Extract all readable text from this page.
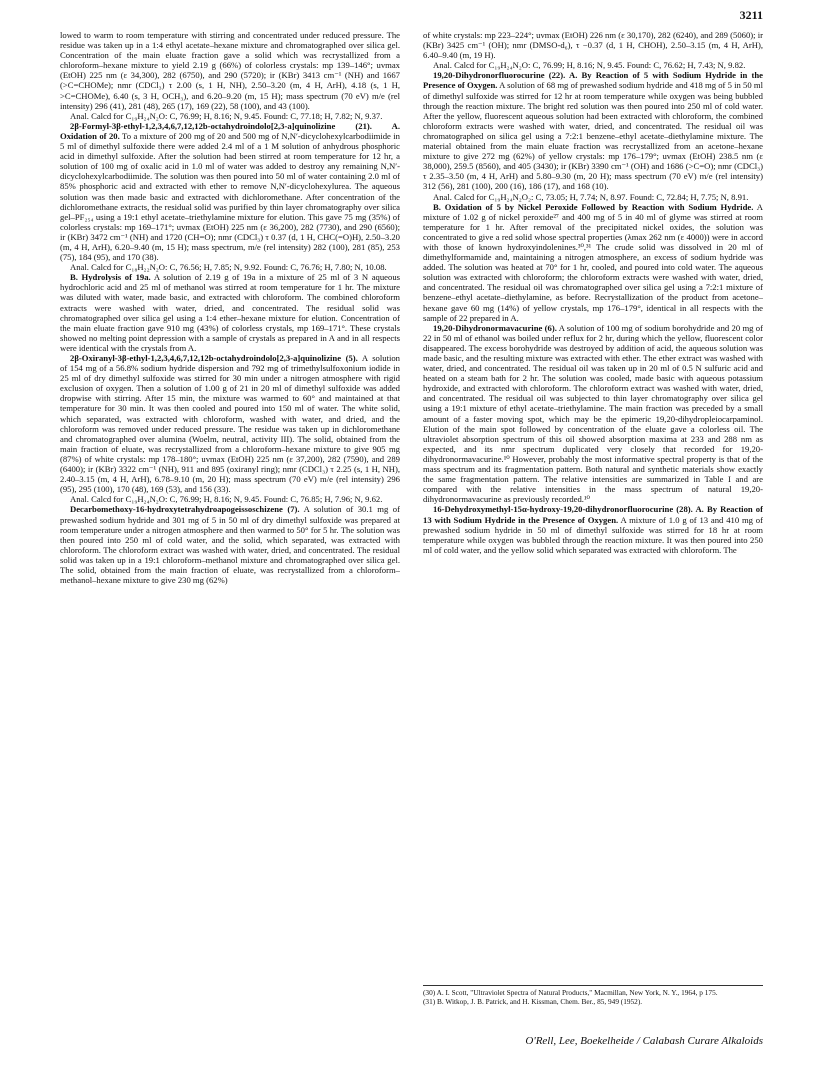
3211

lowed to warm to room temperature with stirring and concentrated under reduced pressure. The residue was taken up in a 1:4 ethyl acetate–hexane mixture and chromatographed over silica gel. Concentration of the main eluate fraction gave a solid which was recrystallized from a chloroform–hexane mixture to yield 2.19 g (66%) of colorless crystals: mp 139–146°; uvmax (EtOH) 225 nm (ε 34,300), 282 (6750), and 290 (5720); ir (KBr) 3413 cm⁻¹ (NH) and 1667 (>C=CHOMe); nmr (CDCl₃) τ 2.00 (s, 1 H, NH), 2.50–3.20 (m, 4 H, ArH), 4.18 (s, 1 H, >C=CHOMe), 6.40 (s, 3 H, OCH₃), and 6.20–9.20 (m, 15 H); mass spectrum (70 eV) m/e (rel intensity) 296 (41), 281 (48), 265 (17), 169 (22), 58 (100), and 43 (100).

Anal. Calcd for C₁₉H₂₄N₂O: C, 76.99; H, 8.16; N, 9.45. Found: C, 77.18; H, 7.82; N, 9.37.

2β-Formyl-3β-ethyl-1,2,3,4,6,7,12,12b-octahydroindolo[2,3-a]quinolizine (21). A. Oxidation of 20. To a mixture of 200 mg of 20 and 500 mg of N,N′-dicyclohexylcarbodiimide in 5 ml of dimethyl sulfoxide there were added 2.4 ml of a 1 M solution of anhydrous phosphoric acid in dimethyl sulfoxide. After the solution had been stirred at room temperature for 12 hr, a solution of 100 mg of oxalic acid in 1.0 ml of water was added to destroy any remaining N,N′-dicyclohexylcarbodiimide. The solution was then poured into 50 ml of water containing 2.0 ml of 85% phosphoric acid and extracted with ether to remove N,N′-dicyclohexylurea. The aqueous solution was then made basic and extracted with dichloromethane. After concentration of the dichloromethane extracts, the residual solid was purified by thin layer chromatography over silica gel–PF₂₅₄ using a 19:1 ethyl acetate–triethylamine mixture for elution. This gave 75 mg (35%) of colorless crystals: mp 169–171°; uvmax (EtOH) 225 nm (ε 36,200), 282 (7730), and 290 (6560); ir (KBr) 3472 cm⁻¹ (NH) and 1720 (CH=O); nmr (CDCl₃) τ 0.37 (d, 1 H, CHC(=O)H), 2.50–3.20 (m, 4 H, ArH), 6.20–9.40 (m, 15 H); mass spectrum, m/e (rel intensity) 282 (100), 281 (85), 253 (75), 184 (95), and 170 (38).

Anal. Calcd for C₁₈H₂₂N₂O: C, 76.56; H, 7.85; N, 9.92. Found: C, 76.76; H, 7.80; N, 10.08.

B. Hydrolysis of 19a. A solution of 2.19 g of 19a in a mixture of 25 ml of 3 N aqueous hydrochloric acid and 25 ml of methanol was stirred at room temperature for 1 hr. The mixture was diluted with water, made basic, and extracted with chloroform. The combined chloroform extracts were washed with water, dried, and concentrated. The residual solid was chromatographed over silica gel using a 1:4 ether–hexane mixture for elution. Concentration of the main eluate fraction gave 910 mg (43%) of colorless crystals, mp 169–171°. These crystals showed no melting point depression with a sample of crystals as prepared in A and in all respects were identical with the crystals from A.

2β-Oxiranyl-3β-ethyl-1,2,3,4,6,7,12,12b-octahydroindolo[2,3-a]quinolizine (5). A solution of 154 mg of a 56.8% sodium hydride dispersion and 792 mg of trimethylsulfoxonium iodide in 25 ml of dry dimethyl sulfoxide was stirred for 30 min under a nitrogen atmosphere with rigid exclusion of oxygen. Then a solution of 1.00 g of 21 in 20 ml of dimethyl sulfoxide was added dropwise with stirring. After 15 min, the mixture was warmed to 60° and maintained at that temperature for 30 min. It was then cooled and poured into 150 ml of water. The white solid, which separated, was extracted with chloroform, washed with water, and dried, and the chloroform was removed under reduced pressure. The residue was taken up in dichloromethane and chromatographed over alumina (Woelm, neutral, activity III). The solid, obtained from the main fraction of eluate, was recrystallized from a chloroform–hexane mixture to give 905 mg (87%) of white crystals: mp 178–180°; uvmax (EtOH) 225 nm (ε 37,200), 282 (7590), and 289 (6400); ir (KBr) 3322 cm⁻¹ (NH), 911 and 895 (oxiranyl ring); nmr (CDCl₃) τ 2.25 (s, 1 H, NH), 2.40–3.15 (m, 4 H, ArH), 6.78–9.10 (m, 20 H); mass spectrum (70 eV) m/e (rel intensity) 296 (95), 295 (100), 170 (48), 169 (53), and 156 (33).

Anal. Calcd for C₁₉H₂₄N₂O: C, 76.99; H, 8.16; N, 9.45. Found: C, 76.85; H, 7.96; N, 9.62.

Decarbomethoxy-16-hydroxytetrahydroapogeissoschizene (7). A solution of 30.1 mg of prewashed sodium hydride and 301 mg of 5 in 50 ml of dry dimethyl sulfoxide was prepared at room temperature under a nitrogen atmosphere and then warmed to 50° for 5 hr. The solution was then poured into 250 ml of cold water, and the solid, which separated, was extracted with chloroform. The chloroform extract was washed with water, dried, and concentrated. The residual solid was taken up in a 19:1 chloroform–methanol mixture and chromatographed over silica gel. The solid, obtained from the main fraction of eluate, was recrystallized from a chloroform–methanol–hexane mixture to give 230 mg (62%)

of white crystals: mp 223–224°; uvmax (EtOH) 226 nm (ε 30,170), 282 (6240), and 289 (5060); ir (KBr) 3425 cm⁻¹ (OH); nmr (DMSO-d₆), τ −0.37 (d, 1 H, CHOH), 2.50–3.15 (m, 4 H, ArH), 6.40–9.40 (m, 19 H).

Anal. Calcd for C₁₉H₂₄N₂O: C, 76.99; H, 8.16; N, 9.45. Found: C, 76.62; H, 7.43; N, 9.82.

19,20-Dihydronorfluorocurine (22). A. By Reaction of 5 with Sodium Hydride in the Presence of Oxygen. A solution of 68 mg of prewashed sodium hydride and 418 mg of 5 in 50 ml of dimethyl sulfoxide was stirred for 12 hr at room temperature while oxygen was being bubbled through the reaction mixture. The bright red solution was then poured into 250 ml of cold water. After the yellow, fluorescent aqueous solution had been extracted with chloroform, the combined chloroform extracts were washed with water, dried, and concentrated. The residual oil was chromatographed on silica gel using a 7:2:1 benzene–ethyl acetate–diethylamine mixture. The material obtained from the main eluate fraction was recrystallized from an acetone–hexane mixture to give 272 mg (62%) of yellow crystals: mp 176–179°; uvmax (EtOH) 238.5 nm (ε 38,000), 259.5 (8560), and 405 (3430); ir (KBr) 3390 cm⁻¹ (OH) and 1686 (>C=O); nmr (CDCl₃) τ 2.35–3.50 (m, 4 H, ArH) and 5.80–9.30 (m, 20 H); mass spectrum (70 eV) m/e (rel intensity) 312 (56), 281 (100), 200 (16), 186 (17), and 168 (10).

Anal. Calcd for C₁₉H₂₄N₂O₂: C, 73.05; H, 7.74; N, 8.97. Found: C, 72.84; H, 7.75; N, 8.91.

B. Oxidation of 5 by Nickel Peroxide Followed by Reaction with Sodium Hydride. A mixture of 1.02 g of nickel peroxide²⁷ and 400 mg of 5 in 40 ml of glyme was stirred at room temperature for 1 hr. After removal of the precipitated nickel oxides, the solution was concentrated to give a red solid whose spectral properties (λmax 262 nm (ε 4000)) were in accord with those of known hydroxyindolenines.³⁰,³¹ The crude solid was dissolved in 20 ml of dimethylformamide and, maintaining a nitrogen atmosphere, an excess of sodium hydride was added. The solution was heated at 70° for 1 hr, cooled, and poured into cold water. The aqueous solution was extracted with chloroform; the chloroform extracts were washed with water, dried, and concentrated. The residual oil was chromatographed over silica gel using a 7:2:1 mixture of benzene–ethyl acetate–diethylamine, as before. Recrystallization of the product from acetone–hexane gave 60 mg (14%) of yellow crystals, mp 176–179°, identical in all respects with the sample of 22 prepared in A.

19,20-Dihydronormavacurine (6). A solution of 100 mg of sodium borohydride and 20 mg of 22 in 50 ml of ethanol was boiled under reflux for 2 hr, during which the yellow, fluorescent color disappeared. The excess borohydride was destroyed by addition of acid, the aqueous solution was made basic, and the resulting mixture was extracted with ether. The ether extract was washed with water, dried, and concentrated. The residual oil was taken up in 20 ml of 0.5 N sulfuric acid and heated on a steam bath for 2 hr. The solution was cooled, made basic with aqueous potassium hydroxide, and extracted with chloroform. The chloroform extract was washed with water, dried, and concentrated. The residual oil was subjected to thin layer chromatography over silica gel using a 19:1 mixture of ethyl acetate–triethylamine. The main fraction was preceded by a small amount of a faster moving spot, which may be the epimeric 19,20-dihydropleiocarpaminol. Elution of the main spot followed by concentration of the eluate gave a colorless oil. The ultraviolet absorption spectrum of this oil showed absorption maxima at 233 and 288 nm as expected, and its nmr spectrum duplicated very closely that recorded for 19,20-dihydronormavacurine.¹⁰ However, probably the most informative spectral property is that of the mass spectrum and its fragmentation pattern. Both natural and synthetic materials show exactly the same fragmentation pattern. The relative intensities are summarized in Table I and are compared with the relative intensities in the mass spectrum of natural 19,20-dihydronormavacurine as previously recorded.¹⁰

16-Dehydroxymethyl-15α-hydroxy-19,20-dihydronorfluorocurine (28). A. By Reaction of 13 with Sodium Hydride in the Presence of Oxygen. A mixture of 1.0 g of 13 and 410 mg of prewashed sodium hydride in 50 ml of dimethyl sulfoxide was stirred for 18 hr at room temperature while oxygen was bubbled through the reaction mixture. It was then poured into 250 ml of cold water, and the yellow solid which separated was extracted with chloroform. The

(30) A. I. Scott, "Ultraviolet Spectra of Natural Products," Macmillan, New York, N. Y., 1964, p 175.

(31) B. Witkop, J. B. Patrick, and H. Kissman, Chem. Ber., 85, 949 (1952).

O'Rell, Lee, Boekelheide / Calabash Curare Alkaloids
